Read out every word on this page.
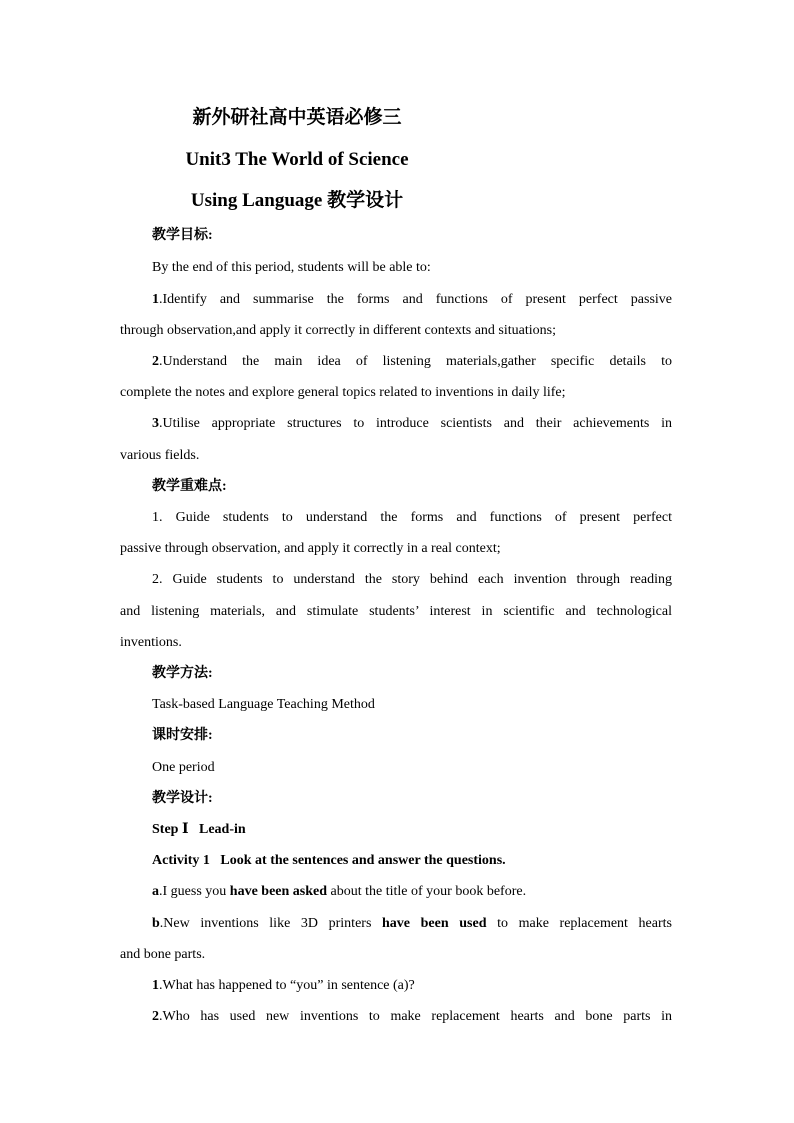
新外研社高中英语必修三
Unit3 The World of Science
Using Language 教学设计
教学目标:
By the end of this period, students will be able to:
1.Identify and summarise the forms and functions of present perfect passive
through observation,and apply it correctly in different contexts and situations;
2.Understand the main idea of listening materials,gather specific details to
complete the notes and explore general topics related to inventions in daily life;
3.Utilise appropriate structures to introduce scientists and their achievements in
various fields.
教学重难点:
1. Guide students to understand the forms and functions of present perfect
passive through observation, and apply it correctly in a real context;
2. Guide students to understand the story behind each invention through reading
and listening materials, and stimulate students’ interest in scientific and technological
inventions.
教学方法:
Task-based Language Teaching Method
课时安排:
One period
教学设计:
Step Ⅰ   Lead-in
Activity 1   Look at the sentences and answer the questions.
a.I guess you have been asked about the title of your book before.
b.New inventions like 3D printers have been used to make replacement hearts
and bone parts.
1.What has happened to “you” in sentence (a)?
2.Who has used new inventions to make replacement hearts and bone parts in
